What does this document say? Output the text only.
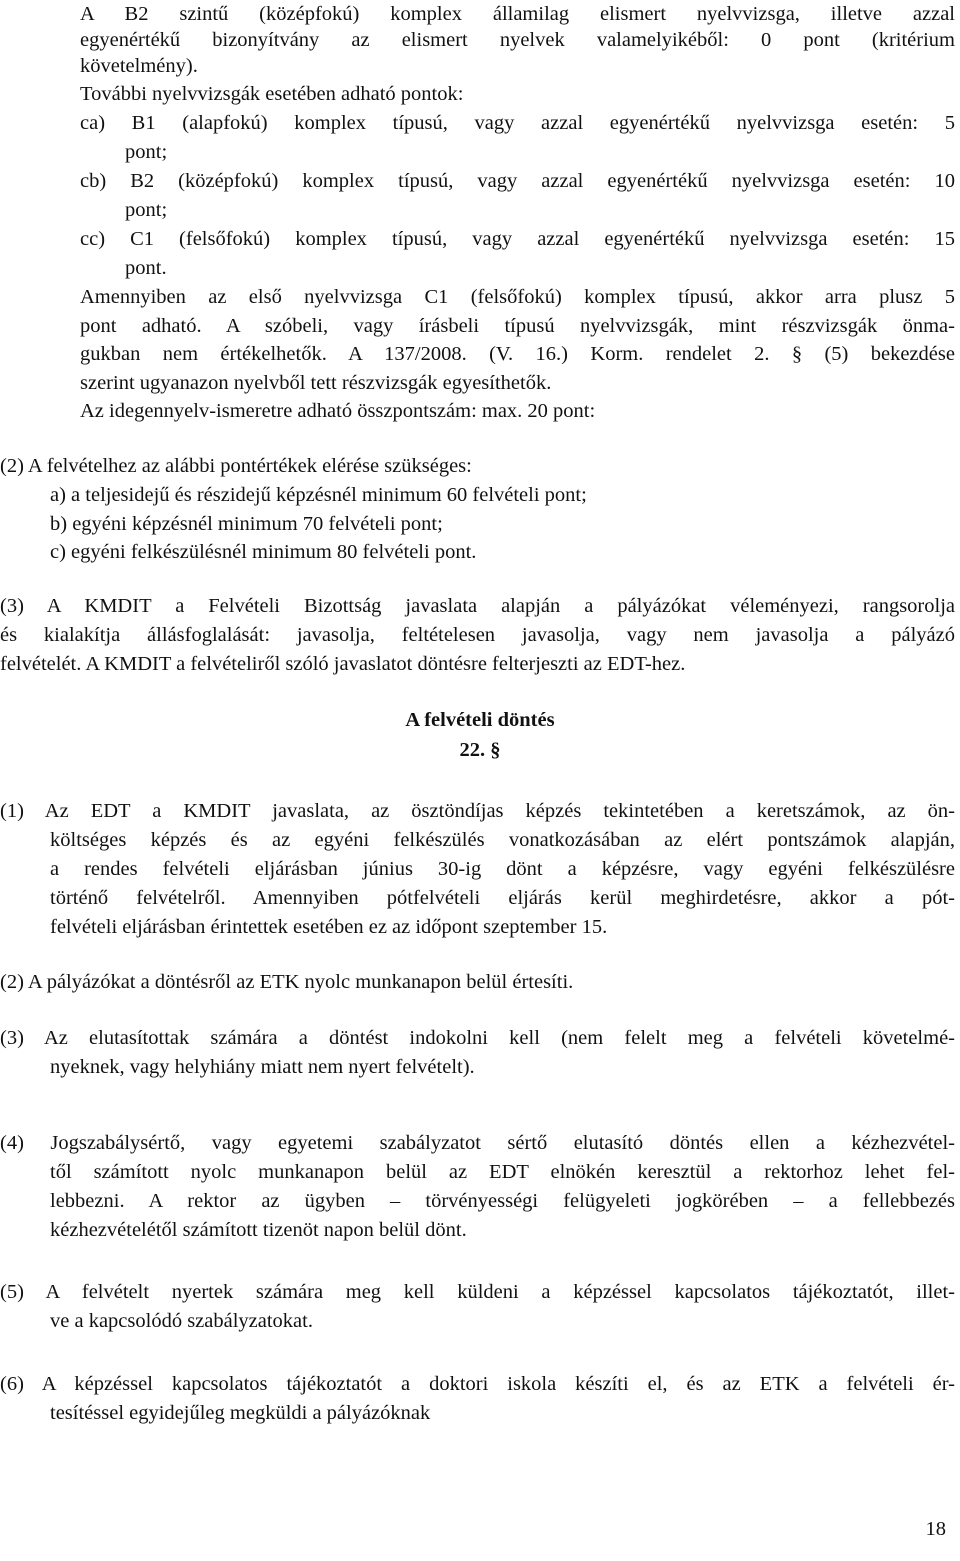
A B2 szintű (középfokú) komplex államilag elismert nyelvvizsga, illetve azzal
egyenértékű bizonyítvány az elismert nyelvek valamelyikéből: 0 pont (kritérium
követelmény).
További nyelvvizsgák esetében adható pontok:
ca) B1 (alapfokú) komplex típusú, vagy azzal egyenértékű nyelvvizsga esetén: 5
pont;
cb) B2 (középfokú) komplex típusú, vagy azzal egyenértékű nyelvvizsga esetén: 10
pont;
cc) C1 (felsőfokú) komplex típusú, vagy azzal egyenértékű nyelvvizsga esetén: 15
pont.
Amennyiben az első nyelvvizsga C1 (felsőfokú) komplex típusú, akkor arra plusz 5
pont adható. A szóbeli, vagy írásbeli típusú nyelvvizsgák, mint részvizsgák önma-
gukban nem értékelhetők. A 137/2008. (V. 16.) Korm. rendelet 2. § (5) bekezdése
szerint ugyanazon nyelvből tett részvizsgák egyesíthetők.
Az idegennyelv-ismeretre adható összpontszám: max. 20 pont:
(2) A felvételhez az alábbi pontértékek elérése szükséges:
a) a teljesidejű és részidejű képzésnél minimum 60 felvételi pont;
b) egyéni képzésnél minimum 70 felvételi pont;
c) egyéni felkészülésnél minimum 80 felvételi pont.
(3) A KMDIT a Felvételi Bizottság javaslata alapján a pályázókat véleményezi, rangsorolja
és kialakítja állásfoglalását: javasolja, feltételesen javasolja, vagy nem javasolja a pályázó
felvételét. A KMDIT a felvételiről szóló javaslatot döntésre felterjeszti az EDT-hez.
A felvételi döntés
22. §
(1) Az EDT a KMDIT javaslata, az ösztöndíjas képzés tekintetében a keretszámok, az ön-
költséges képzés és az egyéni felkészülés vonatkozásában az elért pontszámok alapján,
a rendes felvételi eljárásban június 30-ig dönt a képzésre, vagy egyéni felkészülésre
történő felvételről. Amennyiben pótfelvételi eljárás kerül meghirdetésre, akkor a pót-
felvételi eljárásban érintettek esetében ez az időpont szeptember 15.
(2) A pályázókat a döntésről az ETK nyolc munkanapon belül értesíti.
(3) Az elutasítottak számára a döntést indokolni kell (nem felelt meg a felvételi követelmé-
nyeknek, vagy helyhiány miatt nem nyert felvételt).
(4) Jogszabálysértő, vagy egyetemi szabályzatot sértő elutasító döntés ellen a kézhezvétel-
től számított nyolc munkanapon belül az EDT elnökén keresztül a rektorhoz lehet fel-
lebbezni. A rektor az ügyben – törvényességi felügyeleti jogkörében – a fellebbezés
kézhezvételétől számított tizenöt napon belül dönt.
(5) A felvételt nyertek számára meg kell küldeni a képzéssel kapcsolatos tájékoztatót, illet-
ve a kapcsolódó szabályzatokat.
(6) A képzéssel kapcsolatos tájékoztatót a doktori iskola készíti el, és az ETK a felvételi ér-
tesítéssel egyidejűleg megküldi a pályázóknak
18
